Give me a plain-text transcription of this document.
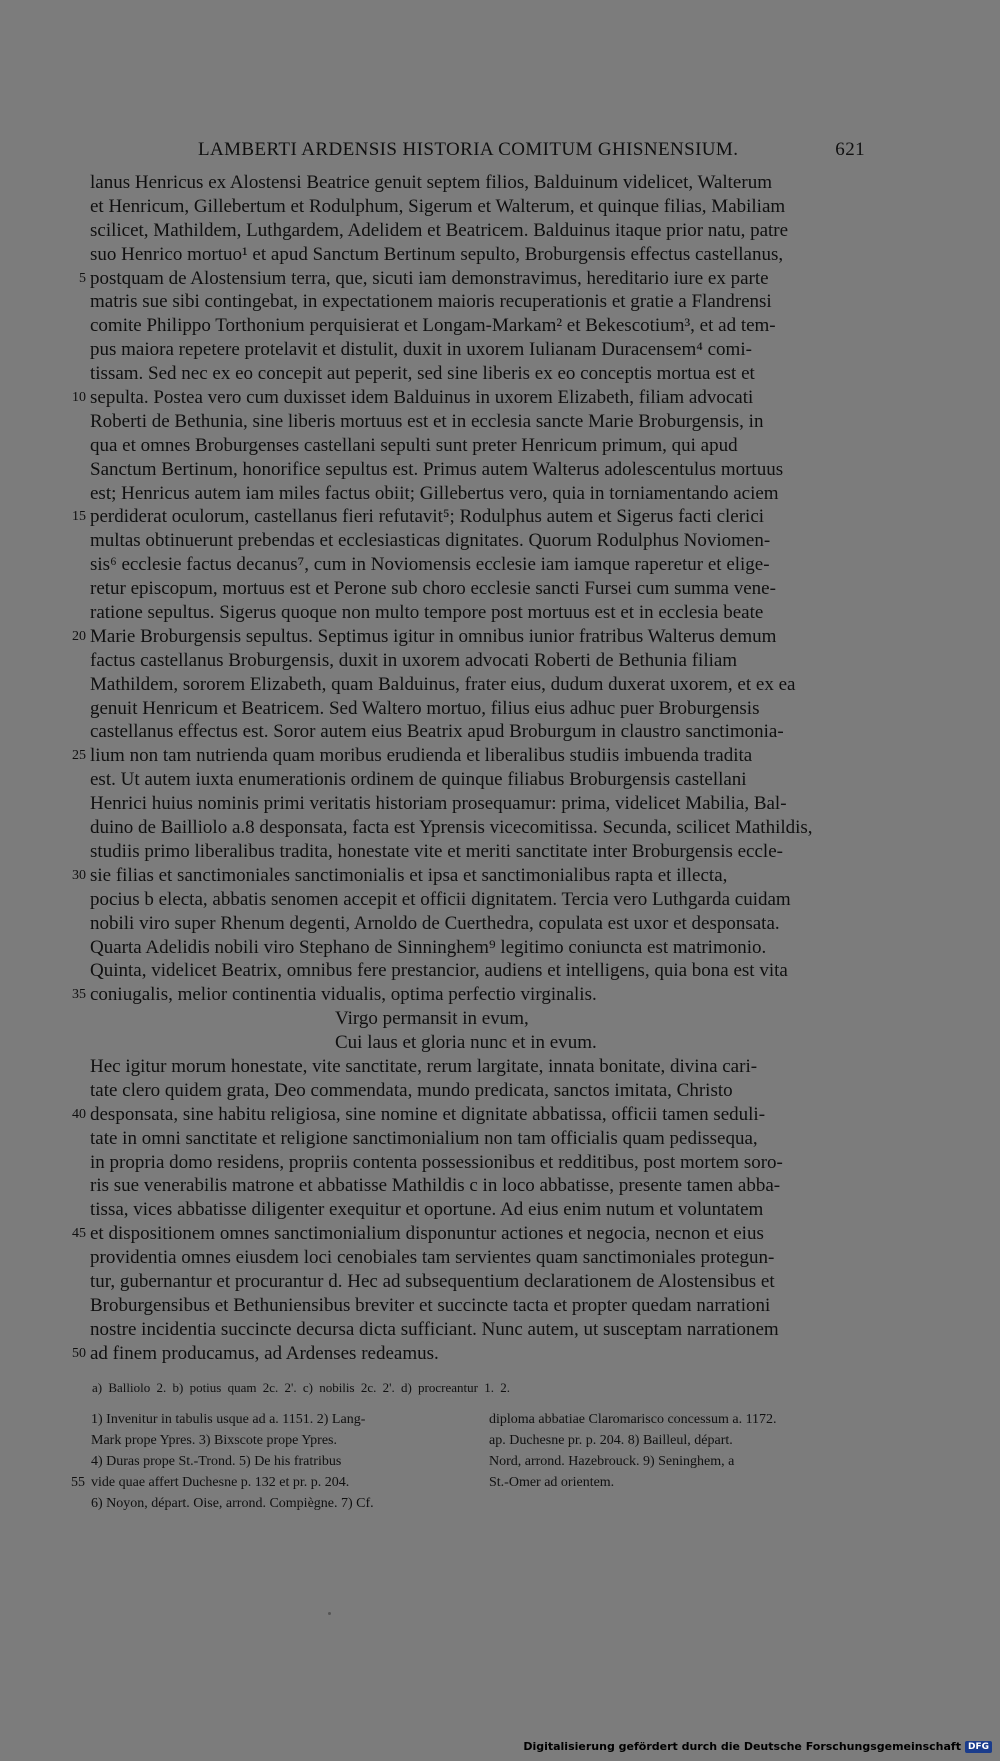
LAMBERTI ARDENSIS HISTORIA COMITUM GHISNENSIUM.	621
lanus Henricus ex Alostensi Beatrice genuit septem filios, Balduinum videlicet, Walterum
et Henricum, Gillebertum et Rodulphum, Sigerum et Walterum, et quinque filias, Mabiliam
scilicet, Mathildem, Luthgardem, Adelidem et Beatricem. Balduinus itaque prior natu, patre
suo Henrico mortuo¹ et apud Sanctum Bertinum sepulto, Broburgensis effectus castellanus,
5 postquam de Alostensium terra, que, sicuti iam demonstravimus, hereditario iure ex parte
matris sue sibi contingebat, in expectationem maioris recuperationis et gratie a Flandrensi
comite Philippo Torthonium perquisierat et Longam-Markam² et Bekescotium³, et ad tem-
pus maiora repetere protelavit et distulit, duxit in uxorem Iulianam Duracensem⁴ comi-
tissam. Sed nec ex eo concepit aut peperit, sed sine liberis ex eo conceptis mortua est et
10 sepulta. Postea vero cum duxisset idem Balduinus in uxorem Elizabeth, filiam advocati
Roberti de Bethunia, sine liberis mortuus est et in ecclesia sancte Marie Broburgensis, in
qua et omnes Broburgenses castellani sepulti sunt preter Henricum primum, qui apud
Sanctum Bertinum, honorifice sepultus est. Primus autem Walterus adolescentulus mortuus
est; Henricus autem iam miles factus obiit; Gillebertus vero, quia in torniamentando aciem
15 perdiderat oculorum, castellanus fieri refutavit⁵; Rodulphus autem et Sigerus facti clerici
multas obtinuerunt prebendas et ecclesiasticas dignitates. Quorum Rodulphus Noviomen-
sis⁶ ecclesie factus decanus⁷, cum in Noviomensis ecclesie iam iamque raperetur et elige-
retur episcopum, mortuus est et Perone sub choro ecclesie sancti Fursei cum summa vene-
ratione sepultus. Sigerus quoque non multo tempore post mortuus est et in ecclesia beate
20 Marie Broburgensis sepultus. Septimus igitur in omnibus iunior fratribus Walterus demum
factus castellanus Broburgensis, duxit in uxorem advocati Roberti de Bethunia filiam
Mathildem, sororem Elizabeth, quam Balduinus, frater eius, dudum duxerat uxorem, et ex ea
genuit Henricum et Beatricem. Sed Waltero mortuo, filius eius adhuc puer Broburgensis
castellanus effectus est. Soror autem eius Beatrix apud Broburgum in claustro sanctimonia-
25 lium non tam nutrienda quam moribus erudienda et liberalibus studiis imbuenda tradita
est. Ut autem iuxta enumerationis ordinem de quinque filiabus Broburgensis castellani
Henrici huius nominis primi veritatis historiam prosequamur: prima, videlicet Mabilia, Bal-
duino de Bailliolo a.8 desponsata, facta est Yprensis vicecomitissa. Secunda, scilicet Mathildis,
studiis primo liberalibus tradita, honestate vite et meriti sanctitate inter Broburgensis eccle-
30 sie filias et sanctimoniales sanctimonialis et ipsa et sanctimonialibus rapta et illecta,
pocius b electa, abbatis senomen accepit et officii dignitatem. Tercia vero Luthgarda cuidam
nobili viro super Rhenum degenti, Arnoldo de Cuerthedra, copulata est uxor et desponsata.
Quarta Adelidis nobili viro Stephano de Sinninghem⁹ legitimo coniuncta est matrimonio.
Quinta, videlicet Beatrix, omnibus fere prestancior, audiens et intelligens, quia bona est vita
35 coniugalis, melior continentia vidualis, optima perfectio virginalis.
Virgo permansit in evum,
Cui laus et gloria nunc et in evum.
Hec igitur morum honestate, vite sanctitate, rerum largitate, innata bonitate, divina cari-
tate clero quidem grata, Deo commendata, mundo predicata, sanctos imitata, Christo
40 desponsata, sine habitu religiosa, sine nomine et dignitate abbatissa, officii tamen seduli-
tate in omni sanctitate et religione sanctimonialium non tam officialis quam pedissequa,
in propria domo residens, propriis contenta possessionibus et redditibus, post mortem soro-
ris sue venerabilis matrone et abbatisse Mathildis c in loco abbatisse, presente tamen abba-
tissa, vices abbatisse diligenter exequitur et oportune. Ad eius enim nutum et voluntatem
45 et dispositionem omnes sanctimonialium disponuntur actiones et negocia, necnon et eius
providentia omnes eiusdem loci cenobiales tam servientes quam sanctimoniales protegun-
tur, gubernantur et procurantur d. Hec ad subsequentium declarationem de Alostensibus et
Broburgensibus et Bethuniensibus breviter et succincte tacta et propter quedam narrationi
nostre incidentia succincte decursa dicta sufficiant. Nunc autem, ut susceptam narrationem
50 ad finem producamus, ad Ardenses redeamus.
a) Balliolo 2. b) potius quam 2c. 2'. c) nobilis 2c. 2'. d) procreantur 1. 2.
1) Invenitur in tabulis usque ad a. 1151. 2) Lang-
Mark prope Ypres. 3) Bixscote prope Ypres.
4) Duras prope St.-Trond. 5) De his fratribus
55 vide quae affert Duchesne p. 132 et pr. p. 204.
6) Noyon, départ. Oise, arrond. Compiègne. 7) Cf.
diploma abbatiae Claromarisco concessum a. 1172.
ap. Duchesne pr. p. 204. 8) Bailleul, départ.
Nord, arrond. Hazebrouck. 9) Seninghem, a
St.-Omer ad orientem.
Digitalisierung gefördert durch die Deutsche Forschungsgemeinschaft DFG
